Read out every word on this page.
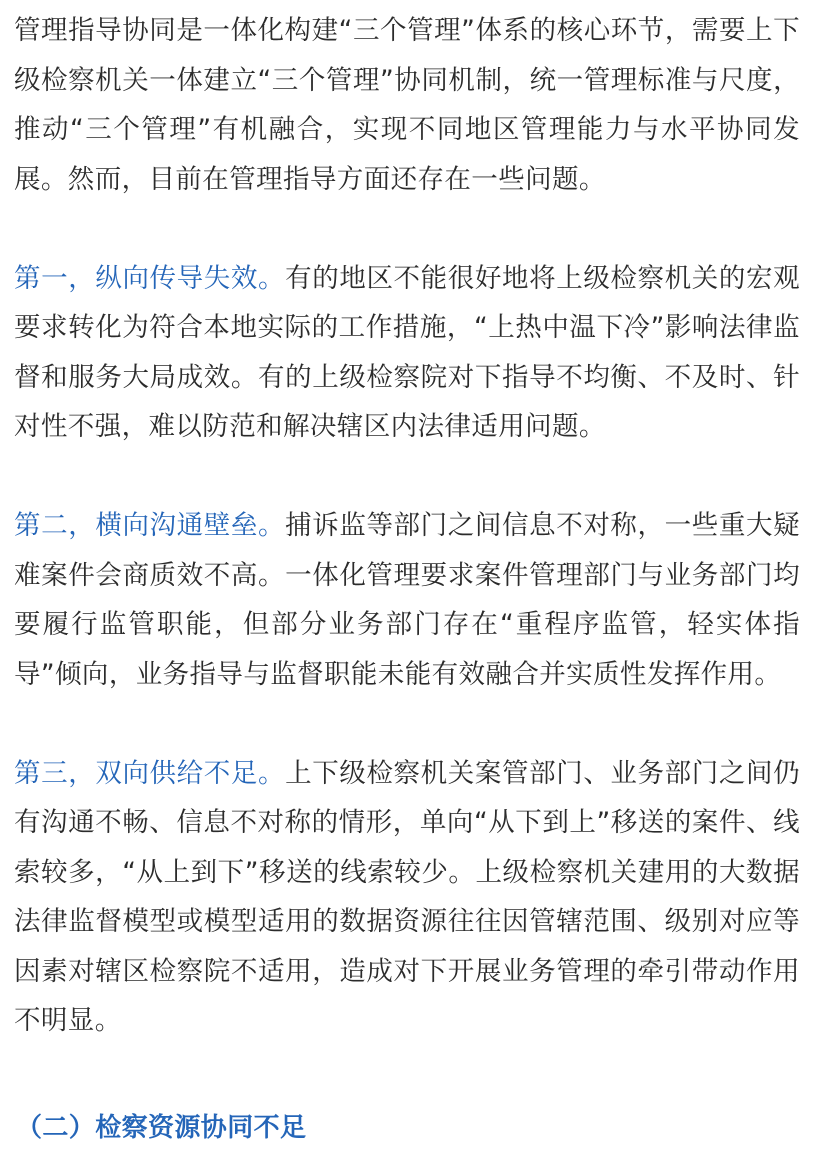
管理指导协同是一体化构建“三个管理”体系的核心环节，需要上下级检察机关一体建立“三个管理”协同机制，统一管理标准与尺度，推动“三个管理”有机融合，实现不同地区管理能力与水平协同发展。然而，目前在管理指导方面还存在一些问题。

第一，纵向传导失效。有的地区不能很好地将上级检察机关的宏观要求转化为符合本地实际的工作措施，“上热中温下冷”影响法律监督和服务大局成效。有的上级检察院对下指导不均衡、不及时、针对性不强，难以防范和解决辖区内法律适用问题。

第二，横向沟通壁垒。捕诉监等部门之间信息不对称，一些重大疑难案件会商质效不高。一体化管理要求案件管理部门与业务部门均要履行监管职能，但部分业务部门存在“重程序监管，轻实体指导”倾向，业务指导与监督职能未能有效融合并实质性发挥作用。

第三，双向供给不足。上下级检察机关案管部门、业务部门之间仍有沟通不畅、信息不对称的情形，单向“从下到上”移送的案件、线索较多，“从上到下”移送的线索较少。上级检察机关建用的大数据法律监督模型或模型适用的数据资源往往因管辖范围、级别对应等因素对辖区检察院不适用，造成对下开展业务管理的牵引带动作用不明显。

（二）检察资源协同不足
